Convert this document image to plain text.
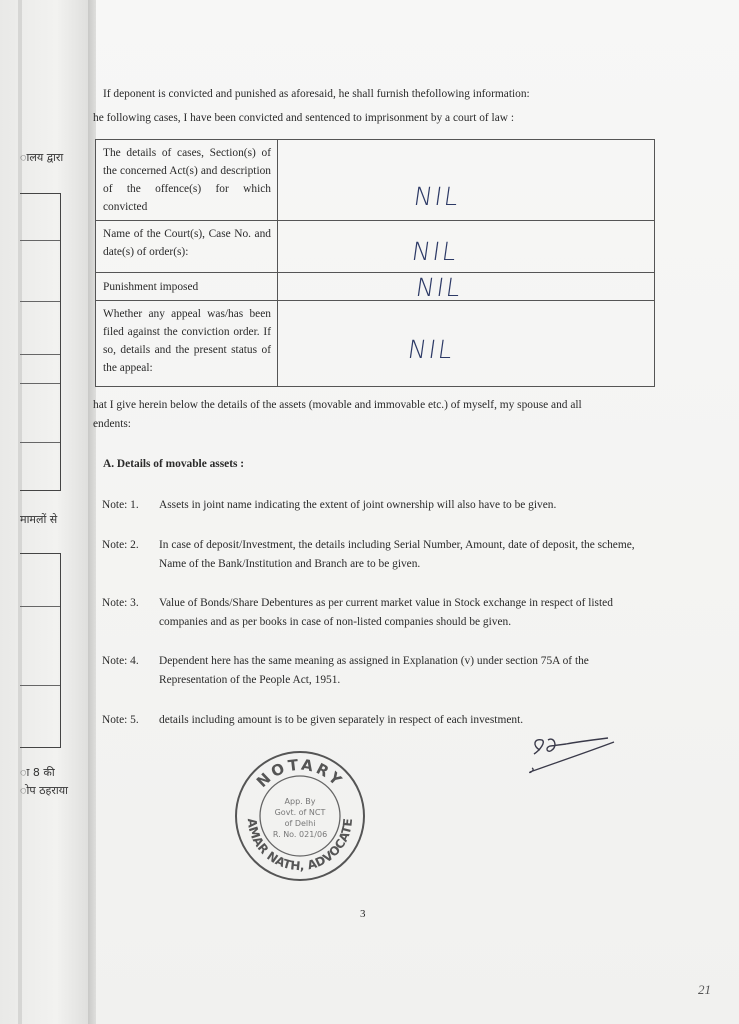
ालय द्वारा
मामलों से
ा 8 की
ोप ठहराया
If deponent is convicted and punished as aforesaid, he shall furnish thefollowing information:
he following cases, I have been convicted and sentenced to imprisonment by a court of law :
The details of cases, Section(s) of the concerned Act(s) and description of the offence(s) for which convicted	NIL

Name of the Court(s), Case No. and date(s) of order(s):	NIL

Punishment imposed	NIL

Whether any appeal was/has been filed against the conviction order. If so, details and the present status of the appeal:	NIL
hat I give herein below the details of the assets (movable and immovable etc.) of myself, my spouse and all
endents:
A. Details of movable assets :
Note: 1.	Assets in joint name indicating the extent of joint ownership will also have to be given.
Note: 2.	In case of deposit/Investment, the details including Serial Number, Amount, date of deposit, the scheme, Name of the Bank/Institution and Branch are to be given.
Note: 3.	Value of Bonds/Share Debentures as per current market value in Stock exchange in respect of listed companies and as per books in case of non-listed companies should be given.
Note: 4.	Dependent here has the same meaning as assigned in Explanation (v) under section 75A of the Representation of the People Act, 1951.
Note: 5.	details including amount is to be given separately in respect of each investment.
NOTARY
AMAR NATH, ADVOCATE
App. By
Govt. of NCT
of Delhi
R. No. 021/06
3
21
